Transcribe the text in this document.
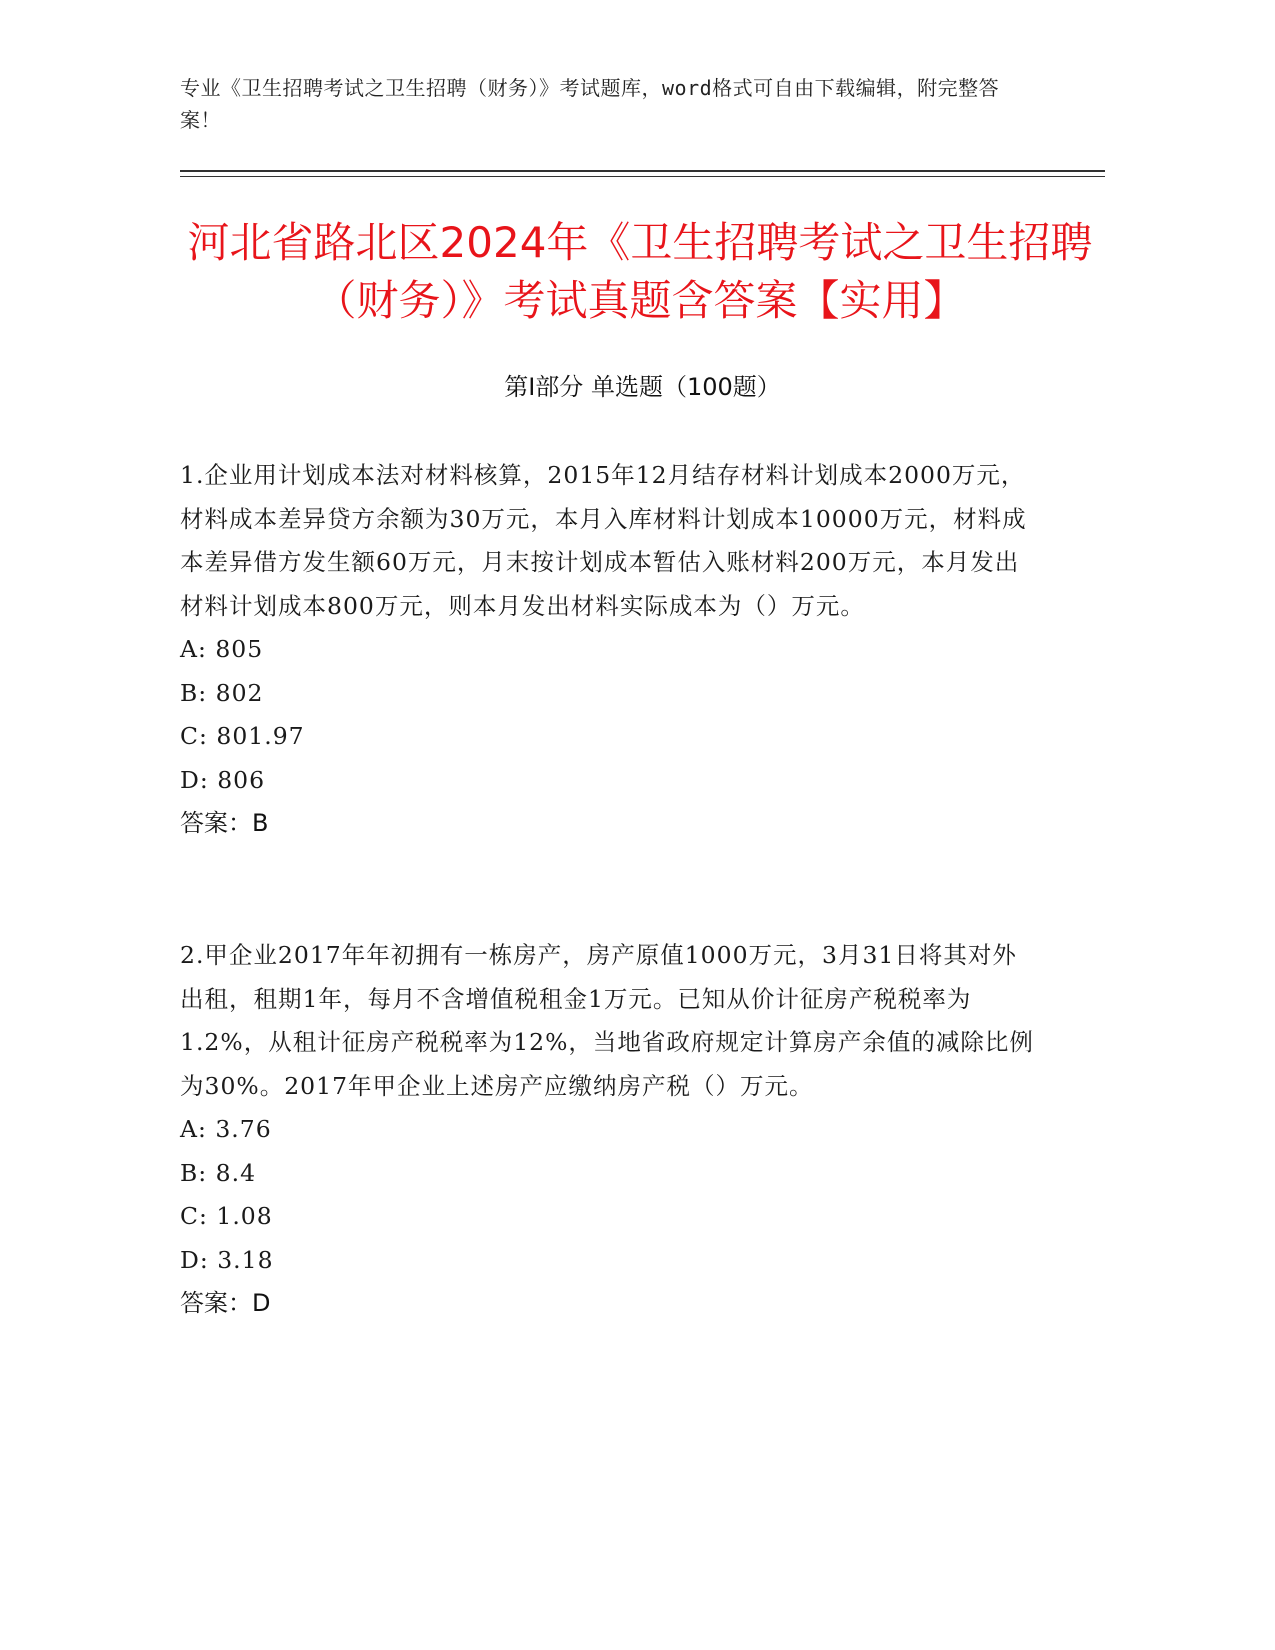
专业《卫生招聘考试之卫生招聘（财务）》考试题库，word格式可自由下载编辑，附完整答案！
河北省路北区2024年《卫生招聘考试之卫生招聘（财务）》考试真题含答案【实用】
第Ⅰ部分 单选题（100题）
1.企业用计划成本法对材料核算，2015年12月结存材料计划成本2000万元，材料成本差异贷方余额为30万元，本月入库材料计划成本10000万元，材料成本差异借方发生额60万元，月末按计划成本暂估入账材料200万元，本月发出材料计划成本800万元，则本月发出材料实际成本为（）万元。
A: 805
B: 802
C: 801.97
D: 806
答案：B
2.甲企业2017年年初拥有一栋房产，房产原值1000万元，3月31日将其对外出租，租期1年，每月不含增值税租金1万元。已知从价计征房产税税率为1.2%，从租计征房产税税率为12%，当地省政府规定计算房产余值的减除比例为30%。2017年甲企业上述房产应缴纳房产税（）万元。
A: 3.76
B: 8.4
C: 1.08
D: 3.18
答案：D
